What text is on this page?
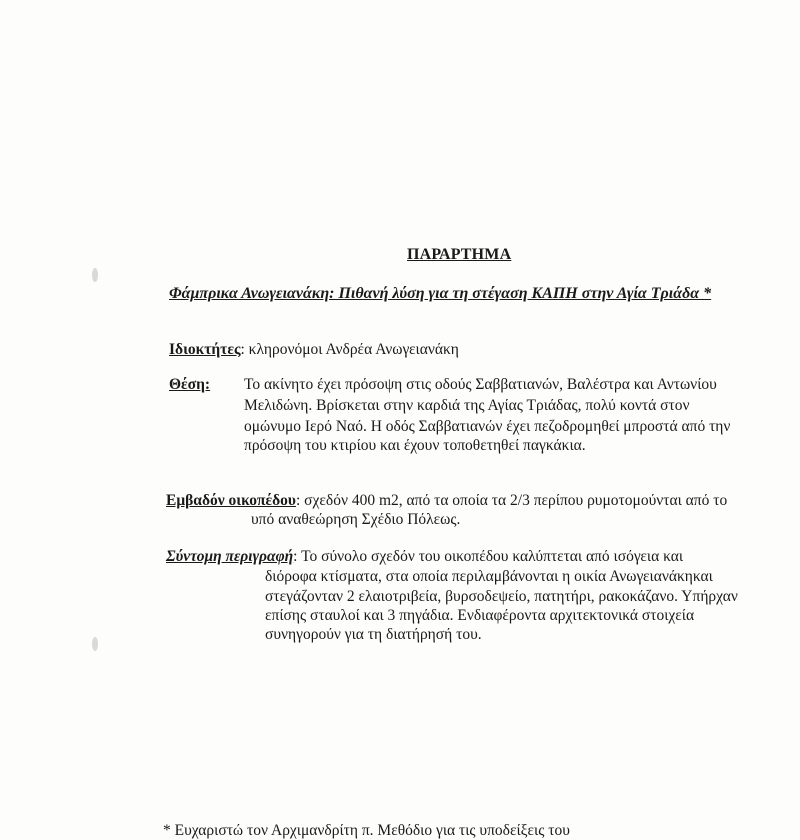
ΠΑΡΑΡΤΗΜΑ
Φάμπρικα Ανωγειανάκη: Πιθανή λύση για τη στέγαση ΚΑΠΗ στην Αγία Τριάδα *
Ιδιοκτήτες: κληρονόμοι Ανδρέα Ανωγειανάκη
Θέση: Το ακίνητο έχει πρόσοψη στις οδούς Σαββατιανών, Βαλέστρα και Αντωνίου
Μελιδώνη. Βρίσκεται στην καρδιά της Αγίας Τριάδας, πολύ κοντά στον
ομώνυμο Ιερό Ναό. Η οδός Σαββατιανών έχει πεζοδρομηθεί μπροστά από την
πρόσοψη του κτιρίου και έχουν τοποθετηθεί παγκάκια.
Εμβαδόν οικοπέδου: σχεδόν 400 m2, από τα οποία τα 2/3 περίπου ρυμοτομούνται από το
υπό αναθεώρηση Σχέδιο Πόλεως.
Σύντομη περιγραφή: Το σύνολο σχεδόν του οικοπέδου καλύπτεται από ισόγεια και
διόροφα κτίσματα, στα οποία περιλαμβάνονται η οικία Ανωγειανάκηκαι
στεγάζονταν 2 ελαιοτριβεία, βυρσοδεψείο, πατητήρι, ρακοκάζανο. Υπήρχαν
επίσης σταυλοί και 3 πηγάδια. Ενδιαφέροντα αρχιτεκτονικά στοιχεία
συνηγορούν για τη διατήρησή του.
* Ευχαριστώ τον Αρχιμανδρίτη π. Μεθόδιο για τις υποδείξεις του
